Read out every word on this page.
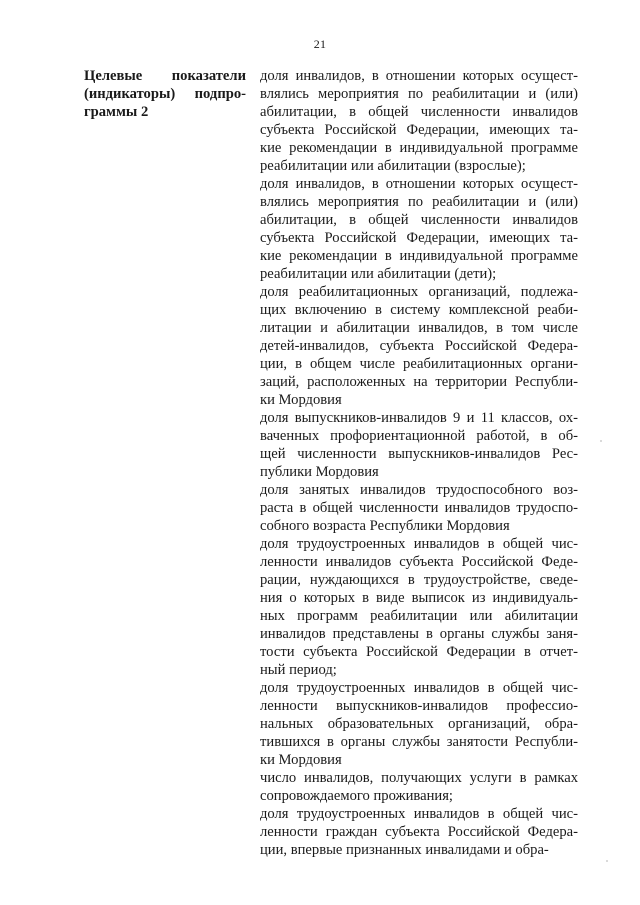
21
Целевые показатели
(индикаторы) подпро-
граммы 2
доля инвалидов, в отношении которых осущест-
влялись мероприятия по реабилитации и (или)
абилитации, в общей численности инвалидов
субъекта Российской Федерации, имеющих та-
кие рекомендации в индивидуальной программе
реабилитации или абилитации (взрослые);
доля инвалидов, в отношении которых осущест-
влялись мероприятия по реабилитации и (или)
абилитации, в общей численности инвалидов
субъекта Российской Федерации, имеющих та-
кие рекомендации в индивидуальной программе
реабилитации или абилитации (дети);
доля реабилитационных организаций, подлежа-
щих включению в систему комплексной реаби-
литации и абилитации инвалидов, в том числе
детей-инвалидов, субъекта Российской Федера-
ции, в общем числе реабилитационных органи-
заций, расположенных на территории Республи-
ки Мордовия
доля выпускников-инвалидов 9 и 11 классов, ох-
ваченных профориентационной работой, в об-
щей численности выпускников-инвалидов Рес-
публики Мордовия
доля занятых инвалидов трудоспособного воз-
раста в общей численности инвалидов трудоспо-
собного возраста Республики Мордовия
доля трудоустроенных инвалидов в общей чис-
ленности инвалидов субъекта Российской Феде-
рации, нуждающихся в трудоустройстве, сведе-
ния о которых в виде выписок из индивидуаль-
ных программ реабилитации или абилитации
инвалидов представлены в органы службы заня-
тости субъекта Российской Федерации в отчет-
ный период;
доля трудоустроенных инвалидов в общей чис-
ленности выпускников-инвалидов профессио-
нальных образовательных организаций, обра-
тившихся в органы службы занятости Республи-
ки Мордовия
число инвалидов, получающих услуги в рамках
сопровождаемого проживания;
доля трудоустроенных инвалидов в общей чис-
ленности граждан субъекта Российской Федера-
ции, впервые признанных инвалидами и обра-
